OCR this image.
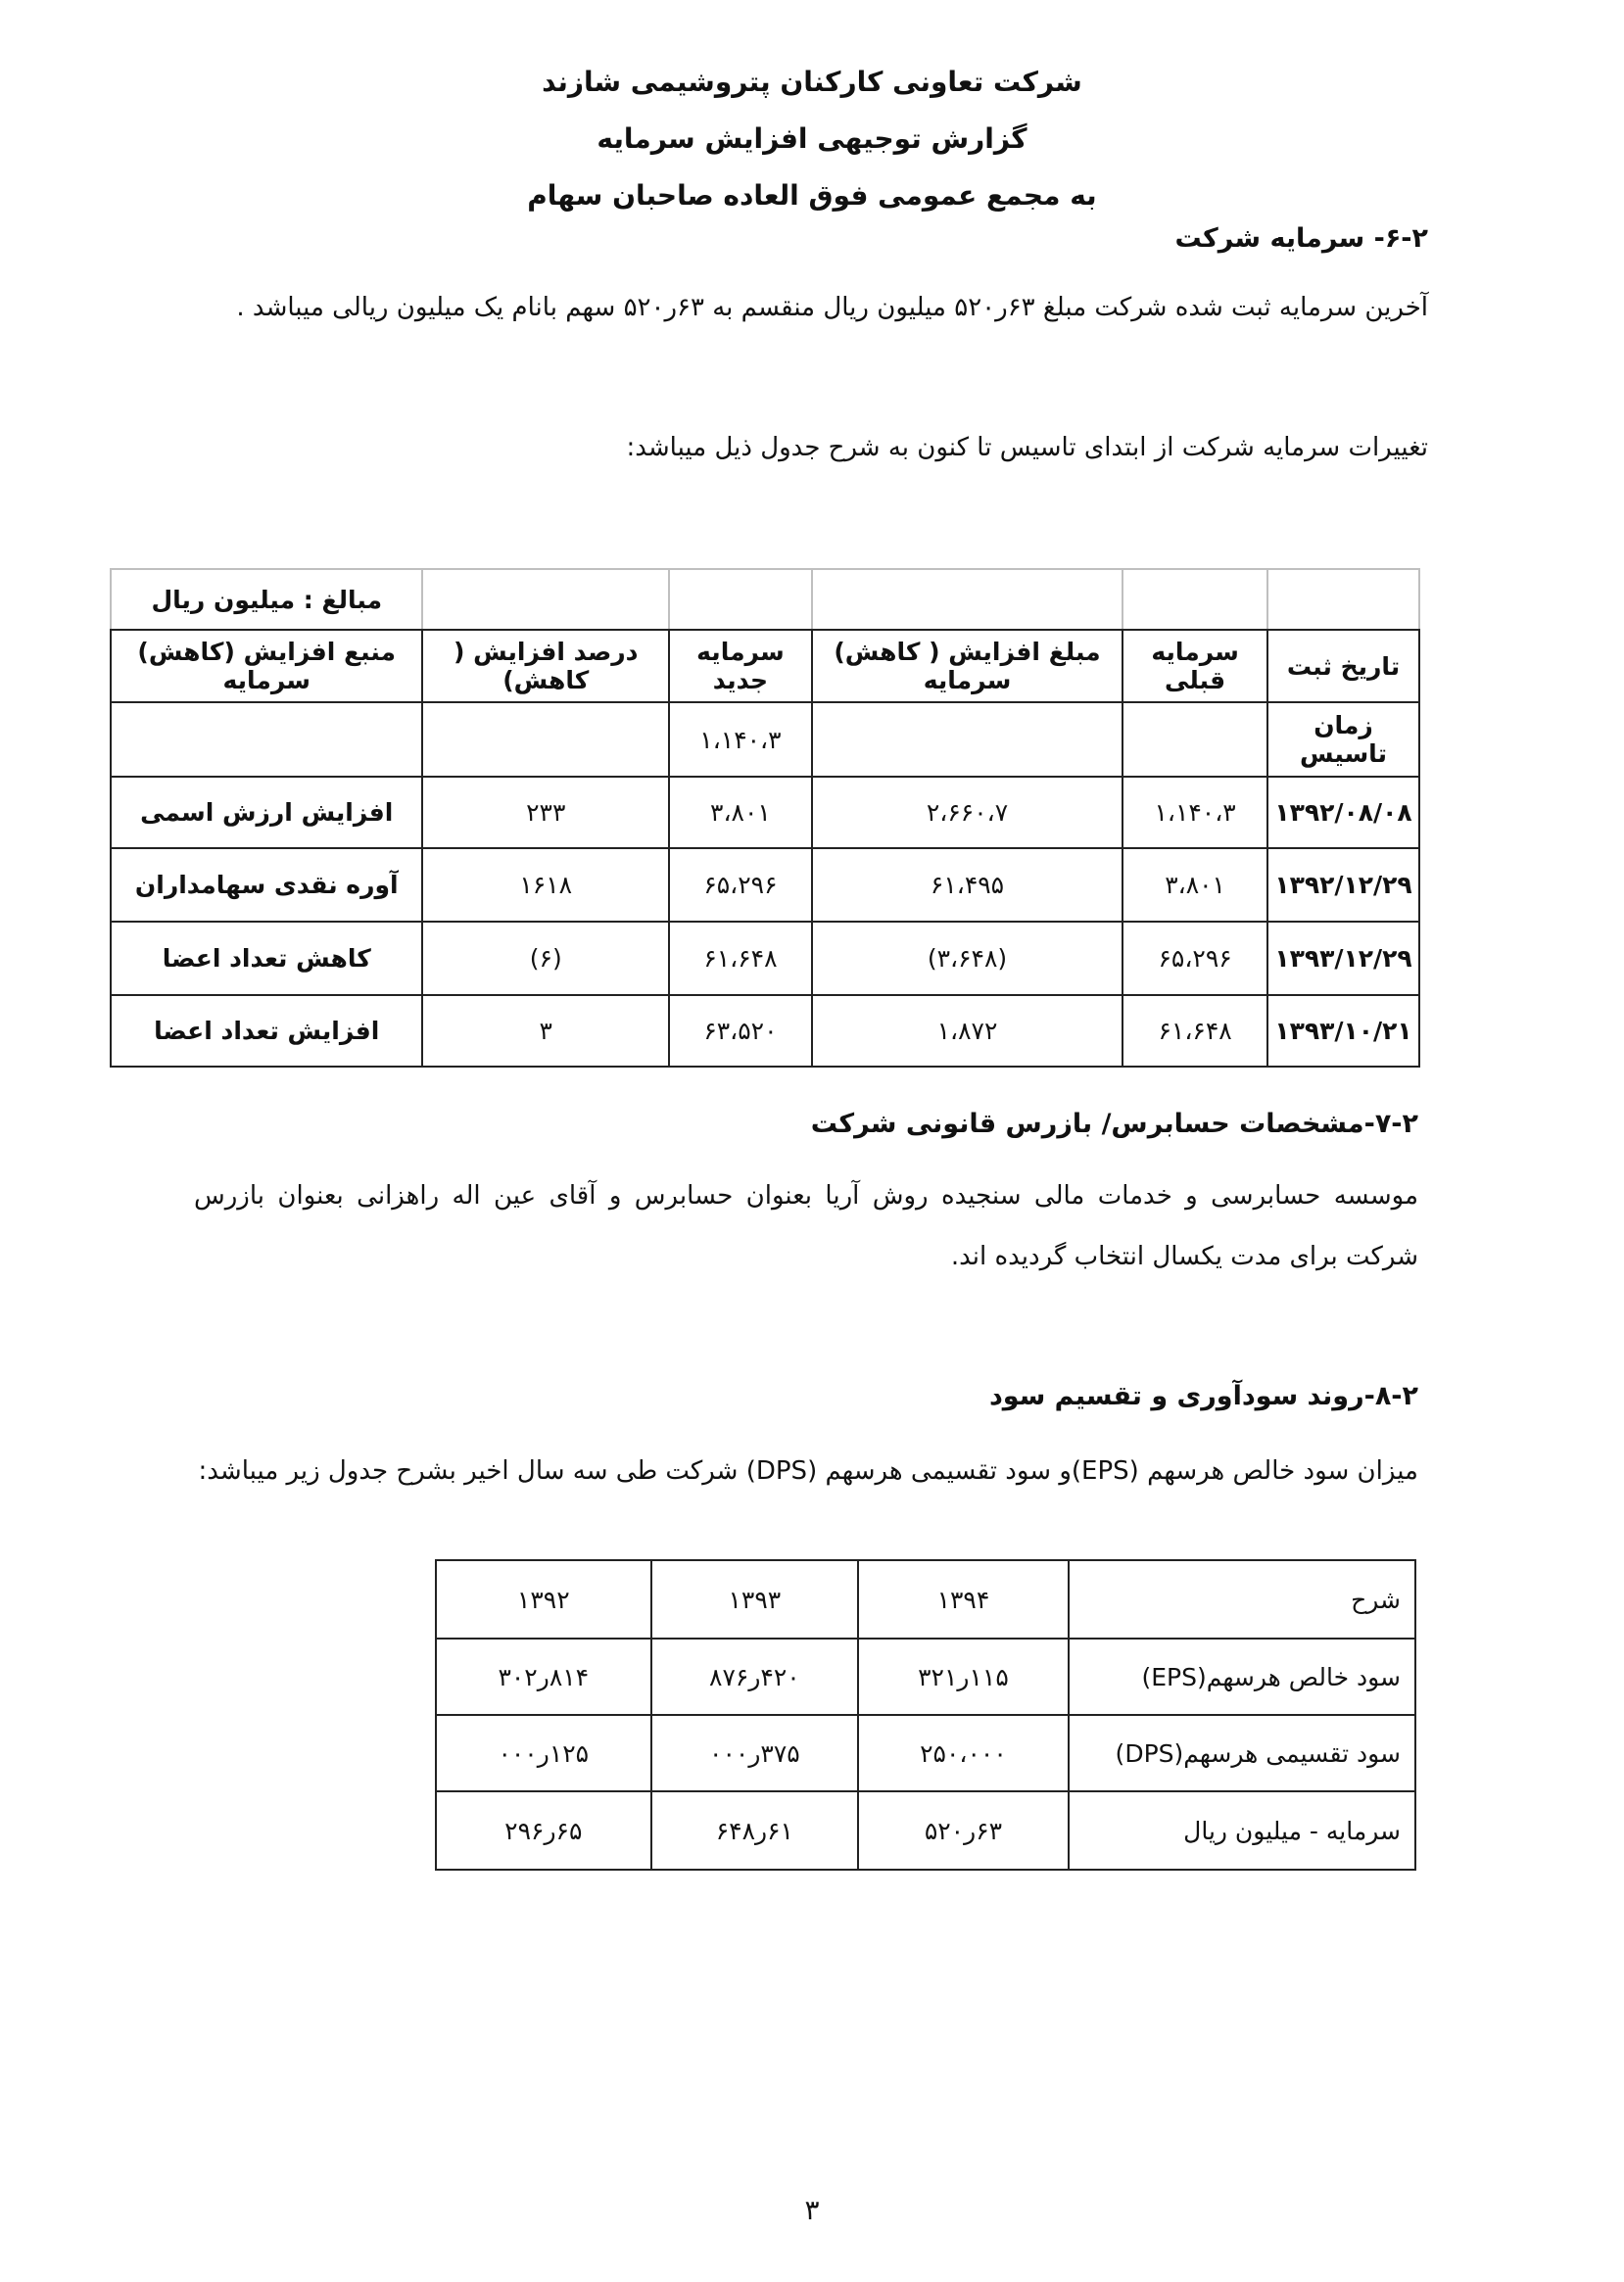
شرکت تعاونی کارکنان پتروشیمی شازند
گزارش توجیهی افزایش سرمایه
به مجمع عمومی فوق العاده صاحبان سهام
۶-۲- سرمایه شرکت
آخرین سرمایه ثبت شده شرکت مبلغ ۶۳ر۵۲۰ میلیون ریال منقسم به ۶۳ر۵۲۰ سهم بانام یک میلیون ریالی میباشد .
تغییرات سرمایه شرکت از ابتدای تاسیس تا کنون به شرح جدول ذیل میباشد:
					مبالغ : میلیون ریال
تاریخ ثبت	سرمایه قبلی	مبلغ افزایش ( کاهش) سرمایه	سرمایه جدید	درصد افزایش ( کاهش)	منبع افزایش (کاهش) سرمایه
زمان تاسیس			۱،۱۴۰،۳		
۱۳۹۲/۰۸/۰۸	۱،۱۴۰،۳	۲،۶۶۰،۷	۳،۸۰۱	۲۳۳	افزایش ارزش اسمی
۱۳۹۲/۱۲/۲۹	۳،۸۰۱	۶۱،۴۹۵	۶۵،۲۹۶	۱۶۱۸	آوره نقدی سهامداران
۱۳۹۳/۱۲/۲۹	۶۵،۲۹۶	(۳،۶۴۸)	۶۱،۶۴۸	(۶)	کاهش تعداد اعضا
۱۳۹۳/۱۰/۲۱	۶۱،۶۴۸	۱،۸۷۲	۶۳،۵۲۰	۳	افزایش تعداد اعضا
۷-۲-مشخصات حسابرس/ بازرس قانونی شرکت
موسسه حسابرسی و خدمات مالی سنجیده روش آریا بعنوان حسابرس و آقای عین اله راهزانی بعنوان بازرس شرکت برای مدت یکسال انتخاب گردیده اند.
۸-۲-روند سودآوری و تقسیم سود
میزان سود خالص هرسهم (EPS)و سود تقسیمی هرسهم (DPS) شرکت طی سه سال اخیر بشرح جدول زیر میباشد:
شرح	۱۳۹۴	۱۳۹۳	۱۳۹۲
سود خالص هرسهم(EPS)	۱۱۵ر۳۲۱	۴۲۰ر۸۷۶	۸۱۴ر۳۰۲
سود تقسیمی هرسهم(DPS)	۲۵۰،۰۰۰	۳۷۵ر۰۰۰	۱۲۵ر۰۰۰
سرمایه - میلیون ریال	۶۳ر۵۲۰	۶۱ر۶۴۸	۶۵ر۲۹۶
۳
